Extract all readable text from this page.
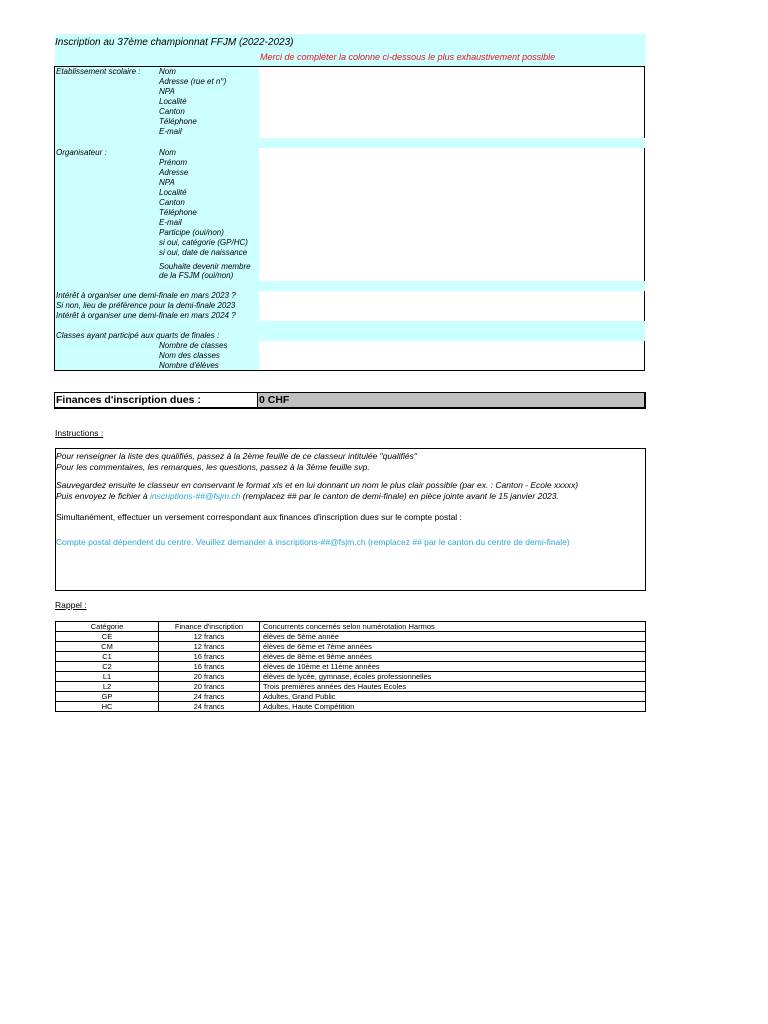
Inscription au 37ème championnat FFJM (2022-2023)
Merci de compléter la colonne ci-dessous le plus exhaustivement possible
Etablissement scolaire : Nom
Adresse (rue et n°)
NPA
Localité
Canton
Téléphone
E-mail
Organisateur :	Nom
Prénom
Adresse
NPA
Localité
Canton
Téléphone
E-mail
Participe (oui/non)
si oui, catégorie (GP/HC)
si oui, date de naissance
Souhaite devenir membre
de la FSJM (oui/non)
Intérêt à organiser une demi-finale en mars 2023 ?
Si non, lieu de préférence pour la demi-finale 2023
Intérêt à organiser une demi-finale en mars 2024 ?
Classes ayant participé aux quarts de finales :
Nombre de classes
Nom des classes
Nombre d'élèves
Finances d'inscription dues :	0 CHF
Instructions :
Pour renseigner la liste des qualifiés, passez à la 2ème feuille de ce classeur intitulée "qualifiés"
Pour les commentaires, les remarques, les questions, passez à la 3ème feuille svp.
Sauvegardez ensuite le classeur en conservant le format xls et en lui donnant un nom le plus clair possible (par ex. : Canton - Ecole xxxxx)
Puis envoyez le fichier à inscriptions-##@fsjm.ch (remplacez ## par le canton de demi-finale) en pièce jointe avant le 15 janvier 2023.
Simultanément, effectuer un versement correspondant aux finances d'inscription dues sur le compte postal :
Compte postal dépendent du centre. Veuillez demander à inscriptions-##@fsjm.ch (remplacez ## par le canton du centre de demi-finale)
Rappel :
Catégorie	Finance d'inscription	Concurrents concernés selon numérotation Harmos
CE	12 francs	élèves de 5ème année
CM	12 francs	élèves de 6ème et 7ème années
C1	16 francs	élèves de 8ème et 9ème années
C2	16 francs	élèves de 10ème et 11ème années
L1	20 francs	élèves de lycée, gymnase, écoles professionnelles
L2	20 francs	Trois premières années des Hautes Ecoles
GP	24 francs	Adultes, Grand Public
HC	24 francs	Adultes, Haute Compétition
